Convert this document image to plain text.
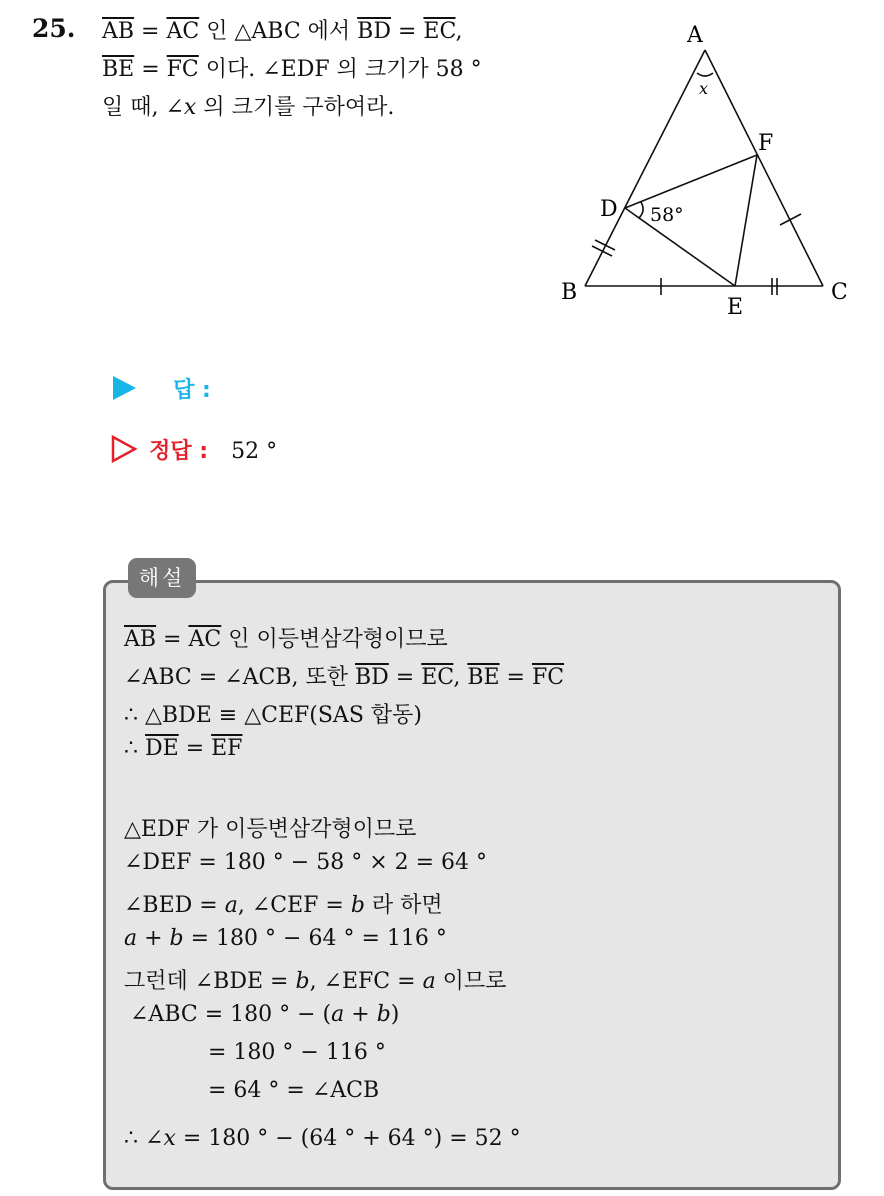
25. $\overline{AB} = \overline{AC}$ 인 △ABC 에서 $\overline{BD} = \overline{EC}$,
$\overline{BE} = \overline{FC}$ 이다. ∠EDF 의 크기가 58 °
일 때, ∠x 의 크기를 구하여라.
A
B	C
D
E
F
x
58°
답 :
정답 : 52 °
해설
$\overline{AB} = \overline{AC}$ 인 이등변삼각형이므로
∠ABC = ∠ACB, 또한 $\overline{BD} = \overline{EC}$, $\overline{BE} = \overline{FC}$
∴ △BDE ≡ △CEF(SAS 합동)
∴ $\overline{DE} = \overline{EF}$
△EDF 가 이등변삼각형이므로
∠DEF = 180 ° − 58 ° × 2 = 64 °
∠BED = a, ∠CEF = b 라 하면
a + b = 180 ° − 64 ° = 116 °
그런데 ∠BDE = b, ∠EFC = a 이므로
∠ABC = 180 ° − (a + b)
= 180 ° − 116 °
= 64 ° = ∠ACB
∴ ∠x = 180 ° − (64 ° + 64 °) = 52 °
